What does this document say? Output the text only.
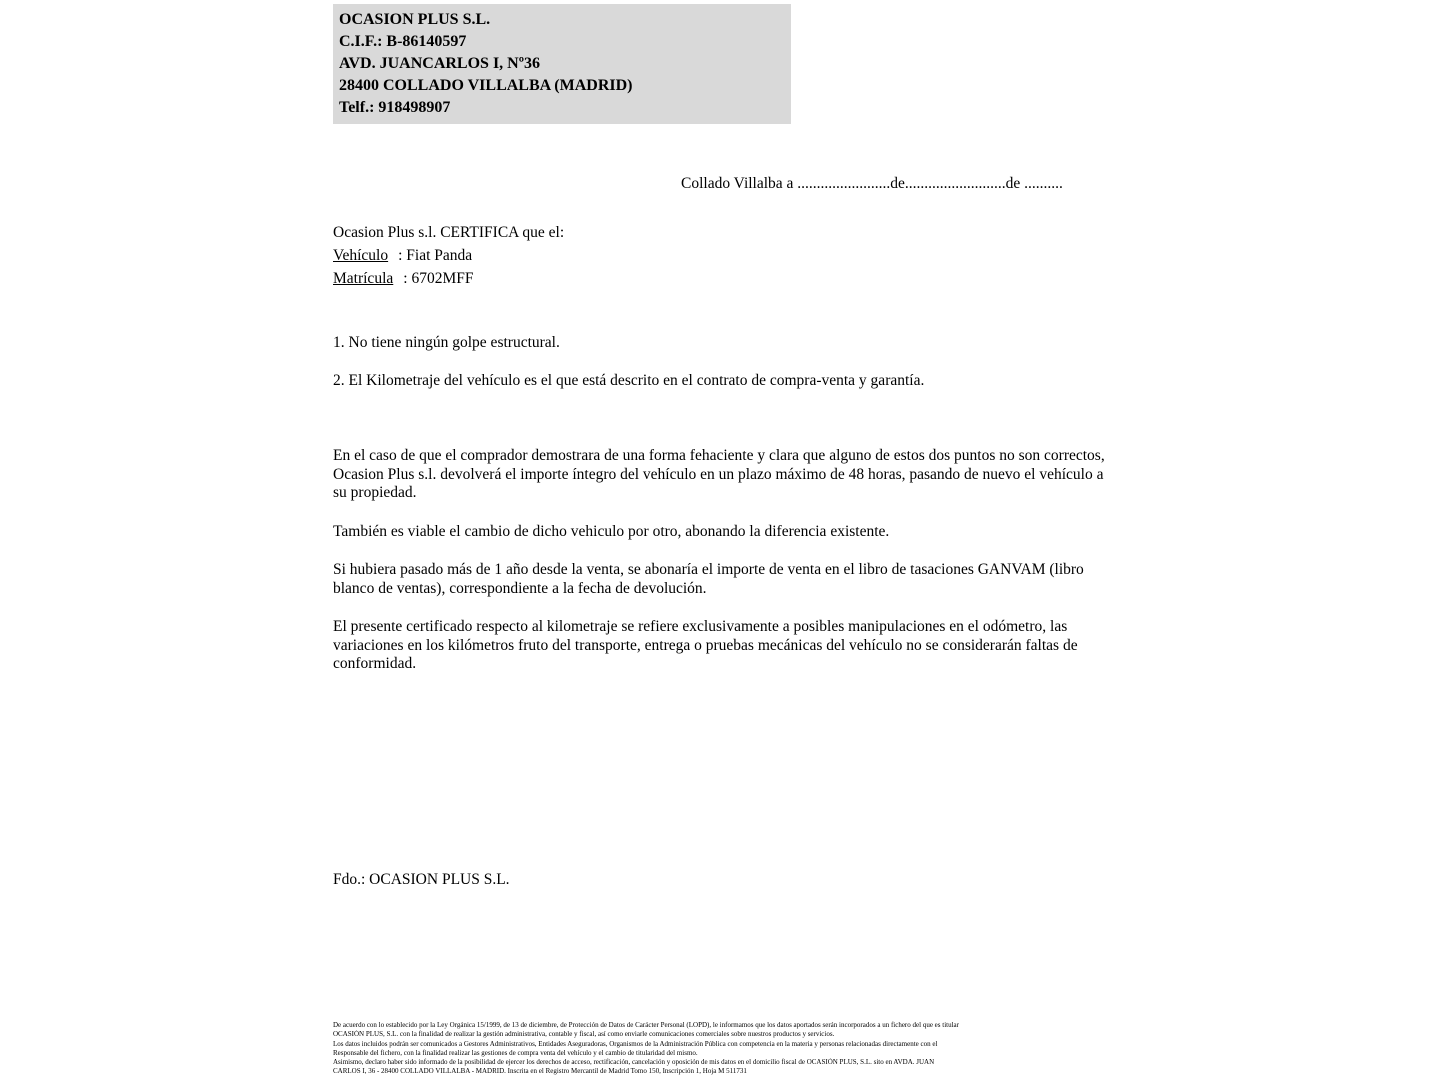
OCASION PLUS S.L.
C.I.F.: B-86140597
AVD. JUANCARLOS I, Nº36
28400 COLLADO VILLALBA (MADRID)
Telf.: 918498907
Collado Villalba a ........................de..........................de ..........
Ocasion Plus s.l. CERTIFICA que el:
Vehículo : Fiat Panda
Matrícula : 6702MFF
1. No tiene ningún golpe estructural.
2. El Kilometraje del vehículo es el que está descrito en el contrato de compra-venta y garantía.

En el caso de que el comprador demostrara de una forma fehaciente y clara que alguno de estos dos puntos no son correctos, Ocasion Plus s.l. devolverá el importe íntegro del vehículo en un plazo máximo de 48 horas, pasando de nuevo el vehículo a su propiedad.

También es viable el cambio de dicho vehiculo por otro, abonando la diferencia existente.

Si hubiera pasado más de 1 año desde la venta, se abonaría el importe de venta en el libro de tasaciones GANVAM (libro blanco de ventas), correspondiente a la fecha de devolución.

El presente certificado respecto al kilometraje se refiere exclusivamente a posibles manipulaciones en el odómetro, las variaciones en los kilómetros fruto del transporte, entrega o pruebas mecánicas del vehículo no se considerarán faltas de conformidad.

Fdo.: OCASION PLUS S.L.
De acuerdo con lo establecido por la Ley Orgánica 15/1999, de 13 de diciembre, de Protección de Datos de Carácter Personal (LOPD), le informamos que los datos aportados serán incorporados a un fichero del que es titular
OCASIÓN PLUS, S.L. con la finalidad de realizar la gestión administrativa, contable y fiscal, así como enviarle comunicaciones comerciales sobre nuestros productos y servicios.
Los datos incluidos podrán ser comunicados a Gestores Administrativos, Entidades Aseguradoras, Organismos de la Administración Pública con competencia en la materia y personas relacionadas directamente con el
Responsable del fichero, con la finalidad realizar las gestiones de compra venta del vehículo y el cambio de titularidad del mismo.
Asimismo, declaro haber sido informado de la posibilidad de ejercer los derechos de acceso, rectificación, cancelación y oposición de mis datos en el domicilio fiscal de OCASIÓN PLUS, S.L. sito en AVDA. JUAN
CARLOS I, 36 - 28400 COLLADO VILLALBA - MADRID. Inscrita en el Registro Mercantil de Madrid Tomo 150, Inscripción 1, Hoja M 511731
